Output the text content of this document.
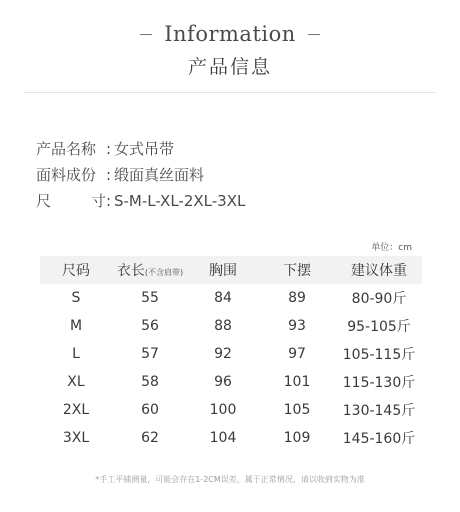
Information
产品信息
产品名称 : 女式吊带
面料成份 : 缎面真丝面料
尺	寸 : S-M-L-XL-2XL-3XL
单位：cm
尺码	衣长(不含肩带)	胸围	下摆	建议体重
S	55	84	89	80-90斤
M	56	88	93	95-105斤
L	57	92	97	105-115斤
XL	58	96	101	115-130斤
2XL	60	100	105	130-145斤
3XL	62	104	109	145-160斤
*手工平铺测量，可能会存在1-2CM误差，属于正常情况，请以收到实物为准
